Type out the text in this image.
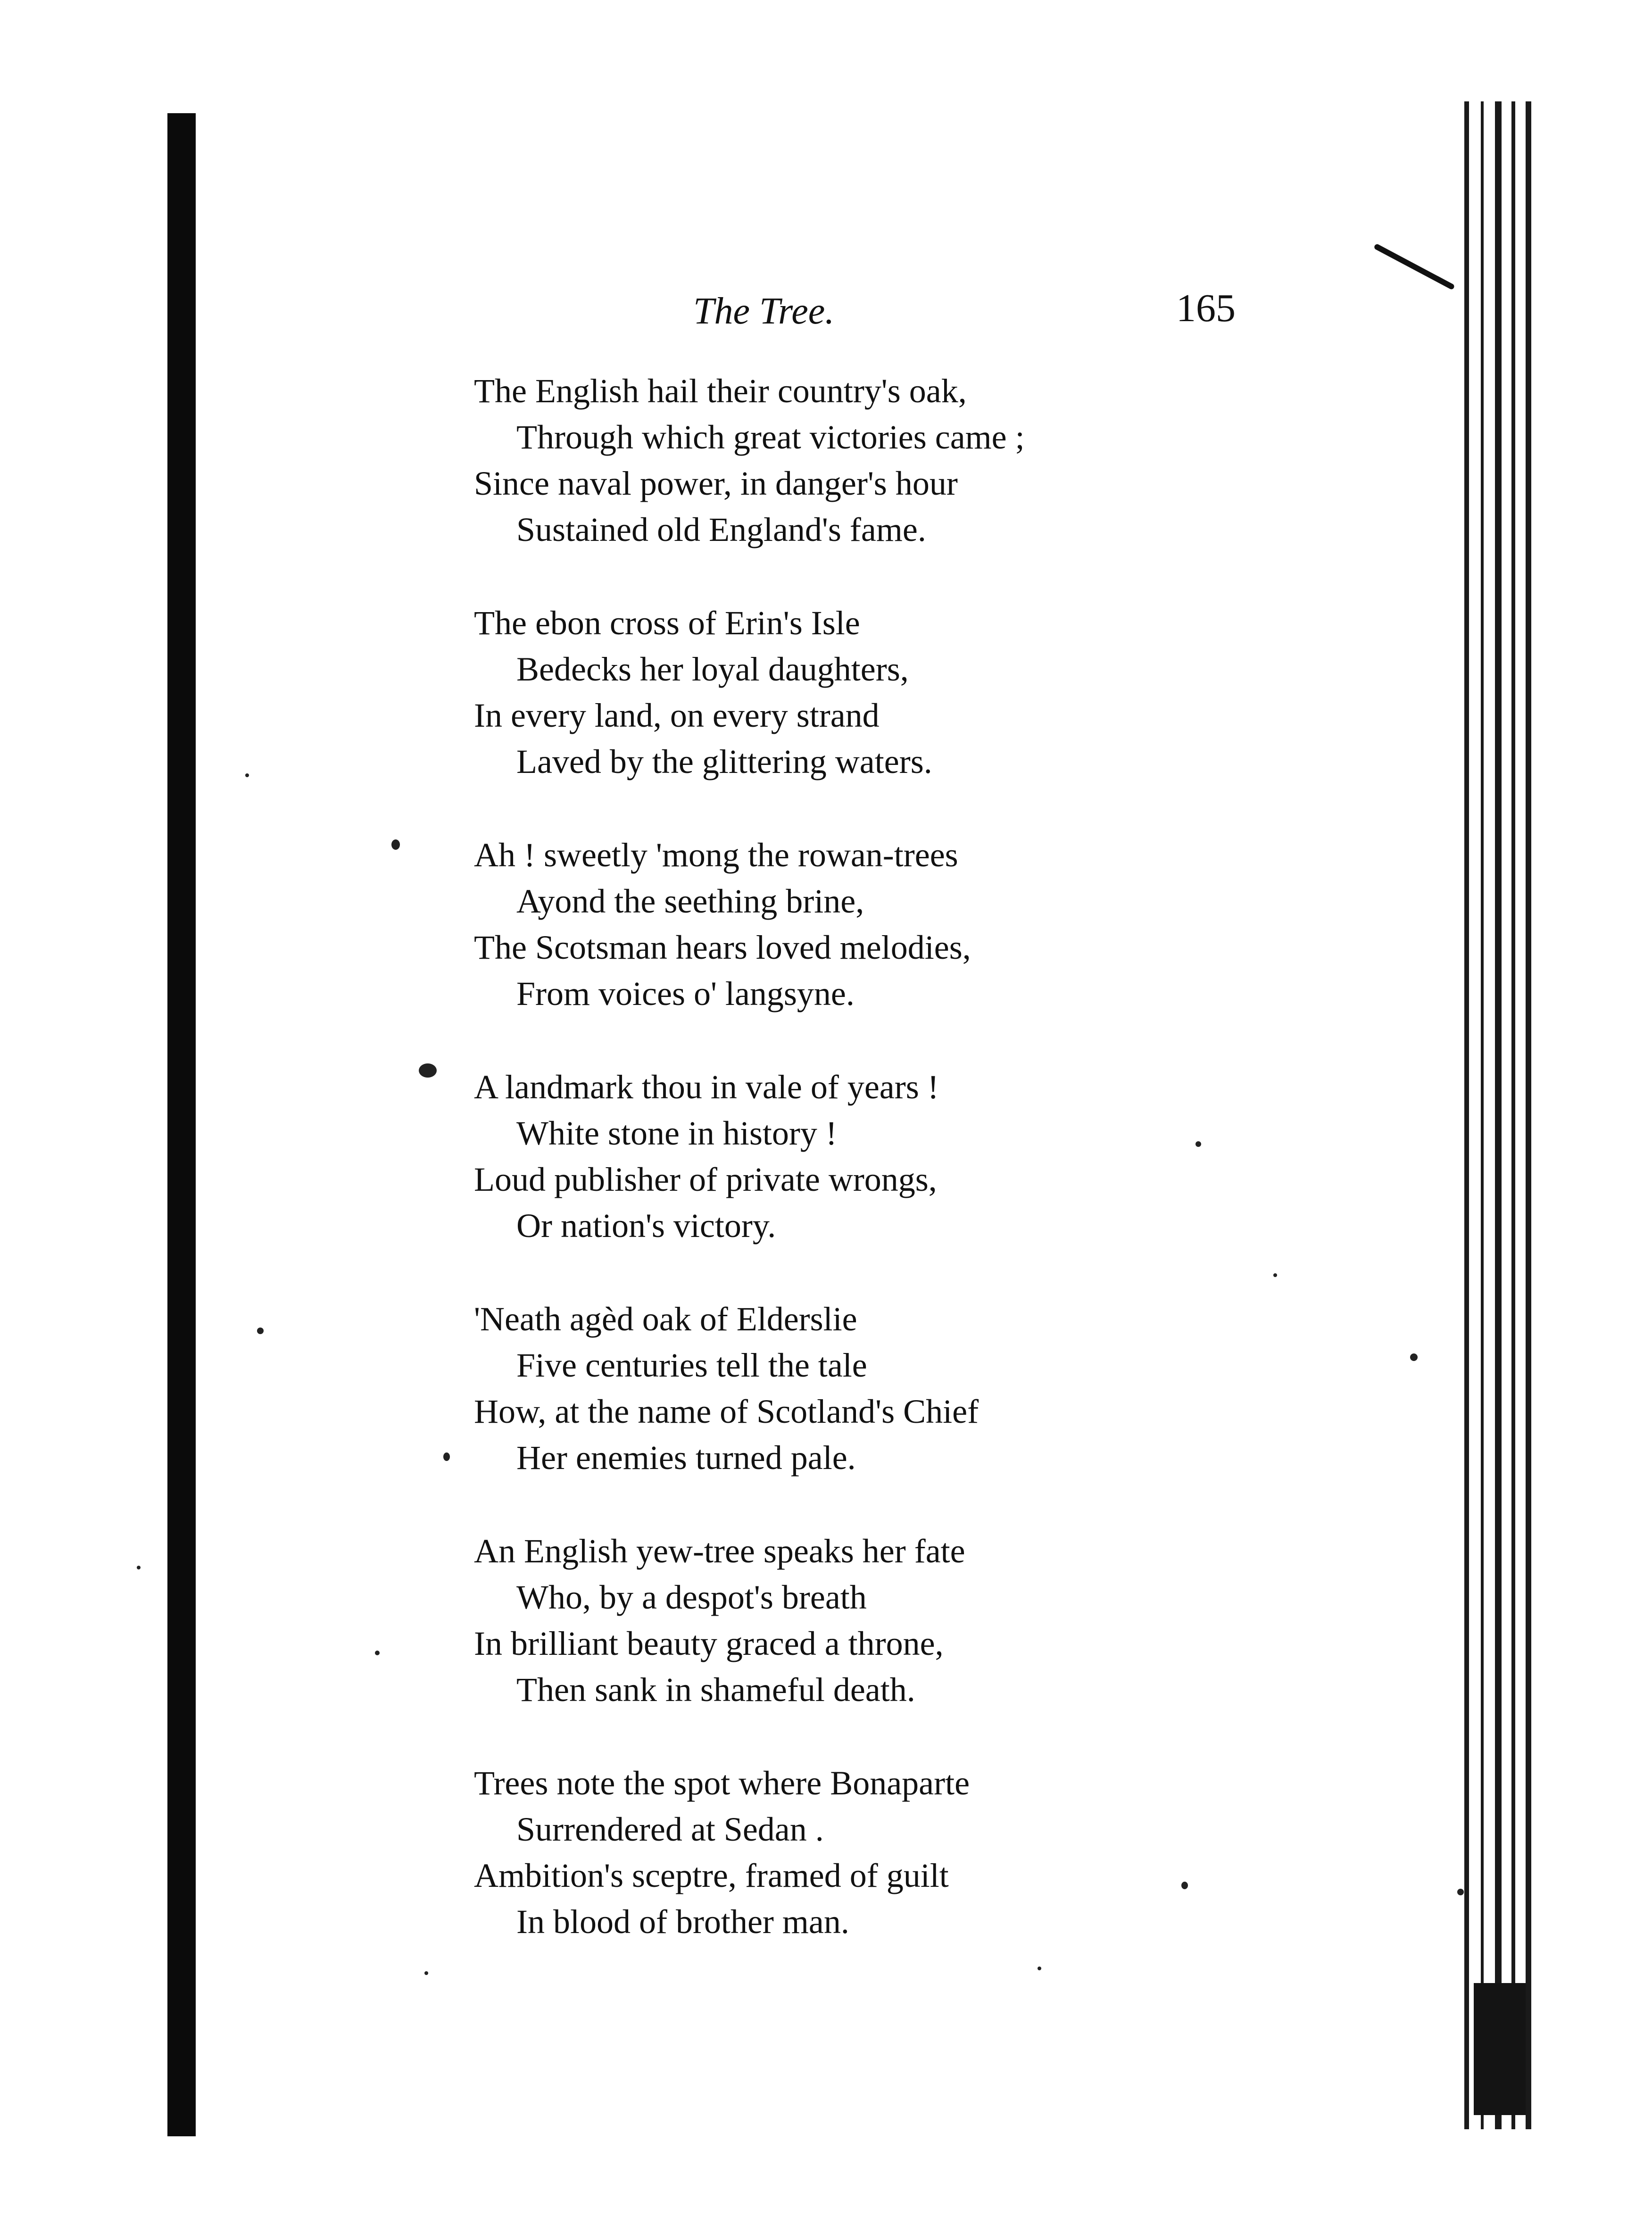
The Tree.	165
The English hail their country's oak,
Through which great victories came ;
Since naval power, in danger's hour
Sustained old England's fame.
The ebon cross of Erin's Isle
Bedecks her loyal daughters,
In every land, on every strand
Laved by the glittering waters.
Ah ! sweetly 'mong the rowan-trees
Ayond the seething brine,
The Scotsman hears loved melodies,
From voices o' langsyne.
A landmark thou in vale of years !
White stone in history !
Loud publisher of private wrongs,
Or nation's victory.
'Neath agèd oak of Elderslie
Five centuries tell the tale
How, at the name of Scotland's Chief
Her enemies turned pale.
An English yew-tree speaks her fate
Who, by a despot's breath
In brilliant beauty graced a throne,
Then sank in shameful death.
Trees note the spot where Bonaparte
Surrendered at Sedan .
Ambition's sceptre, framed of guilt
In blood of brother man.
